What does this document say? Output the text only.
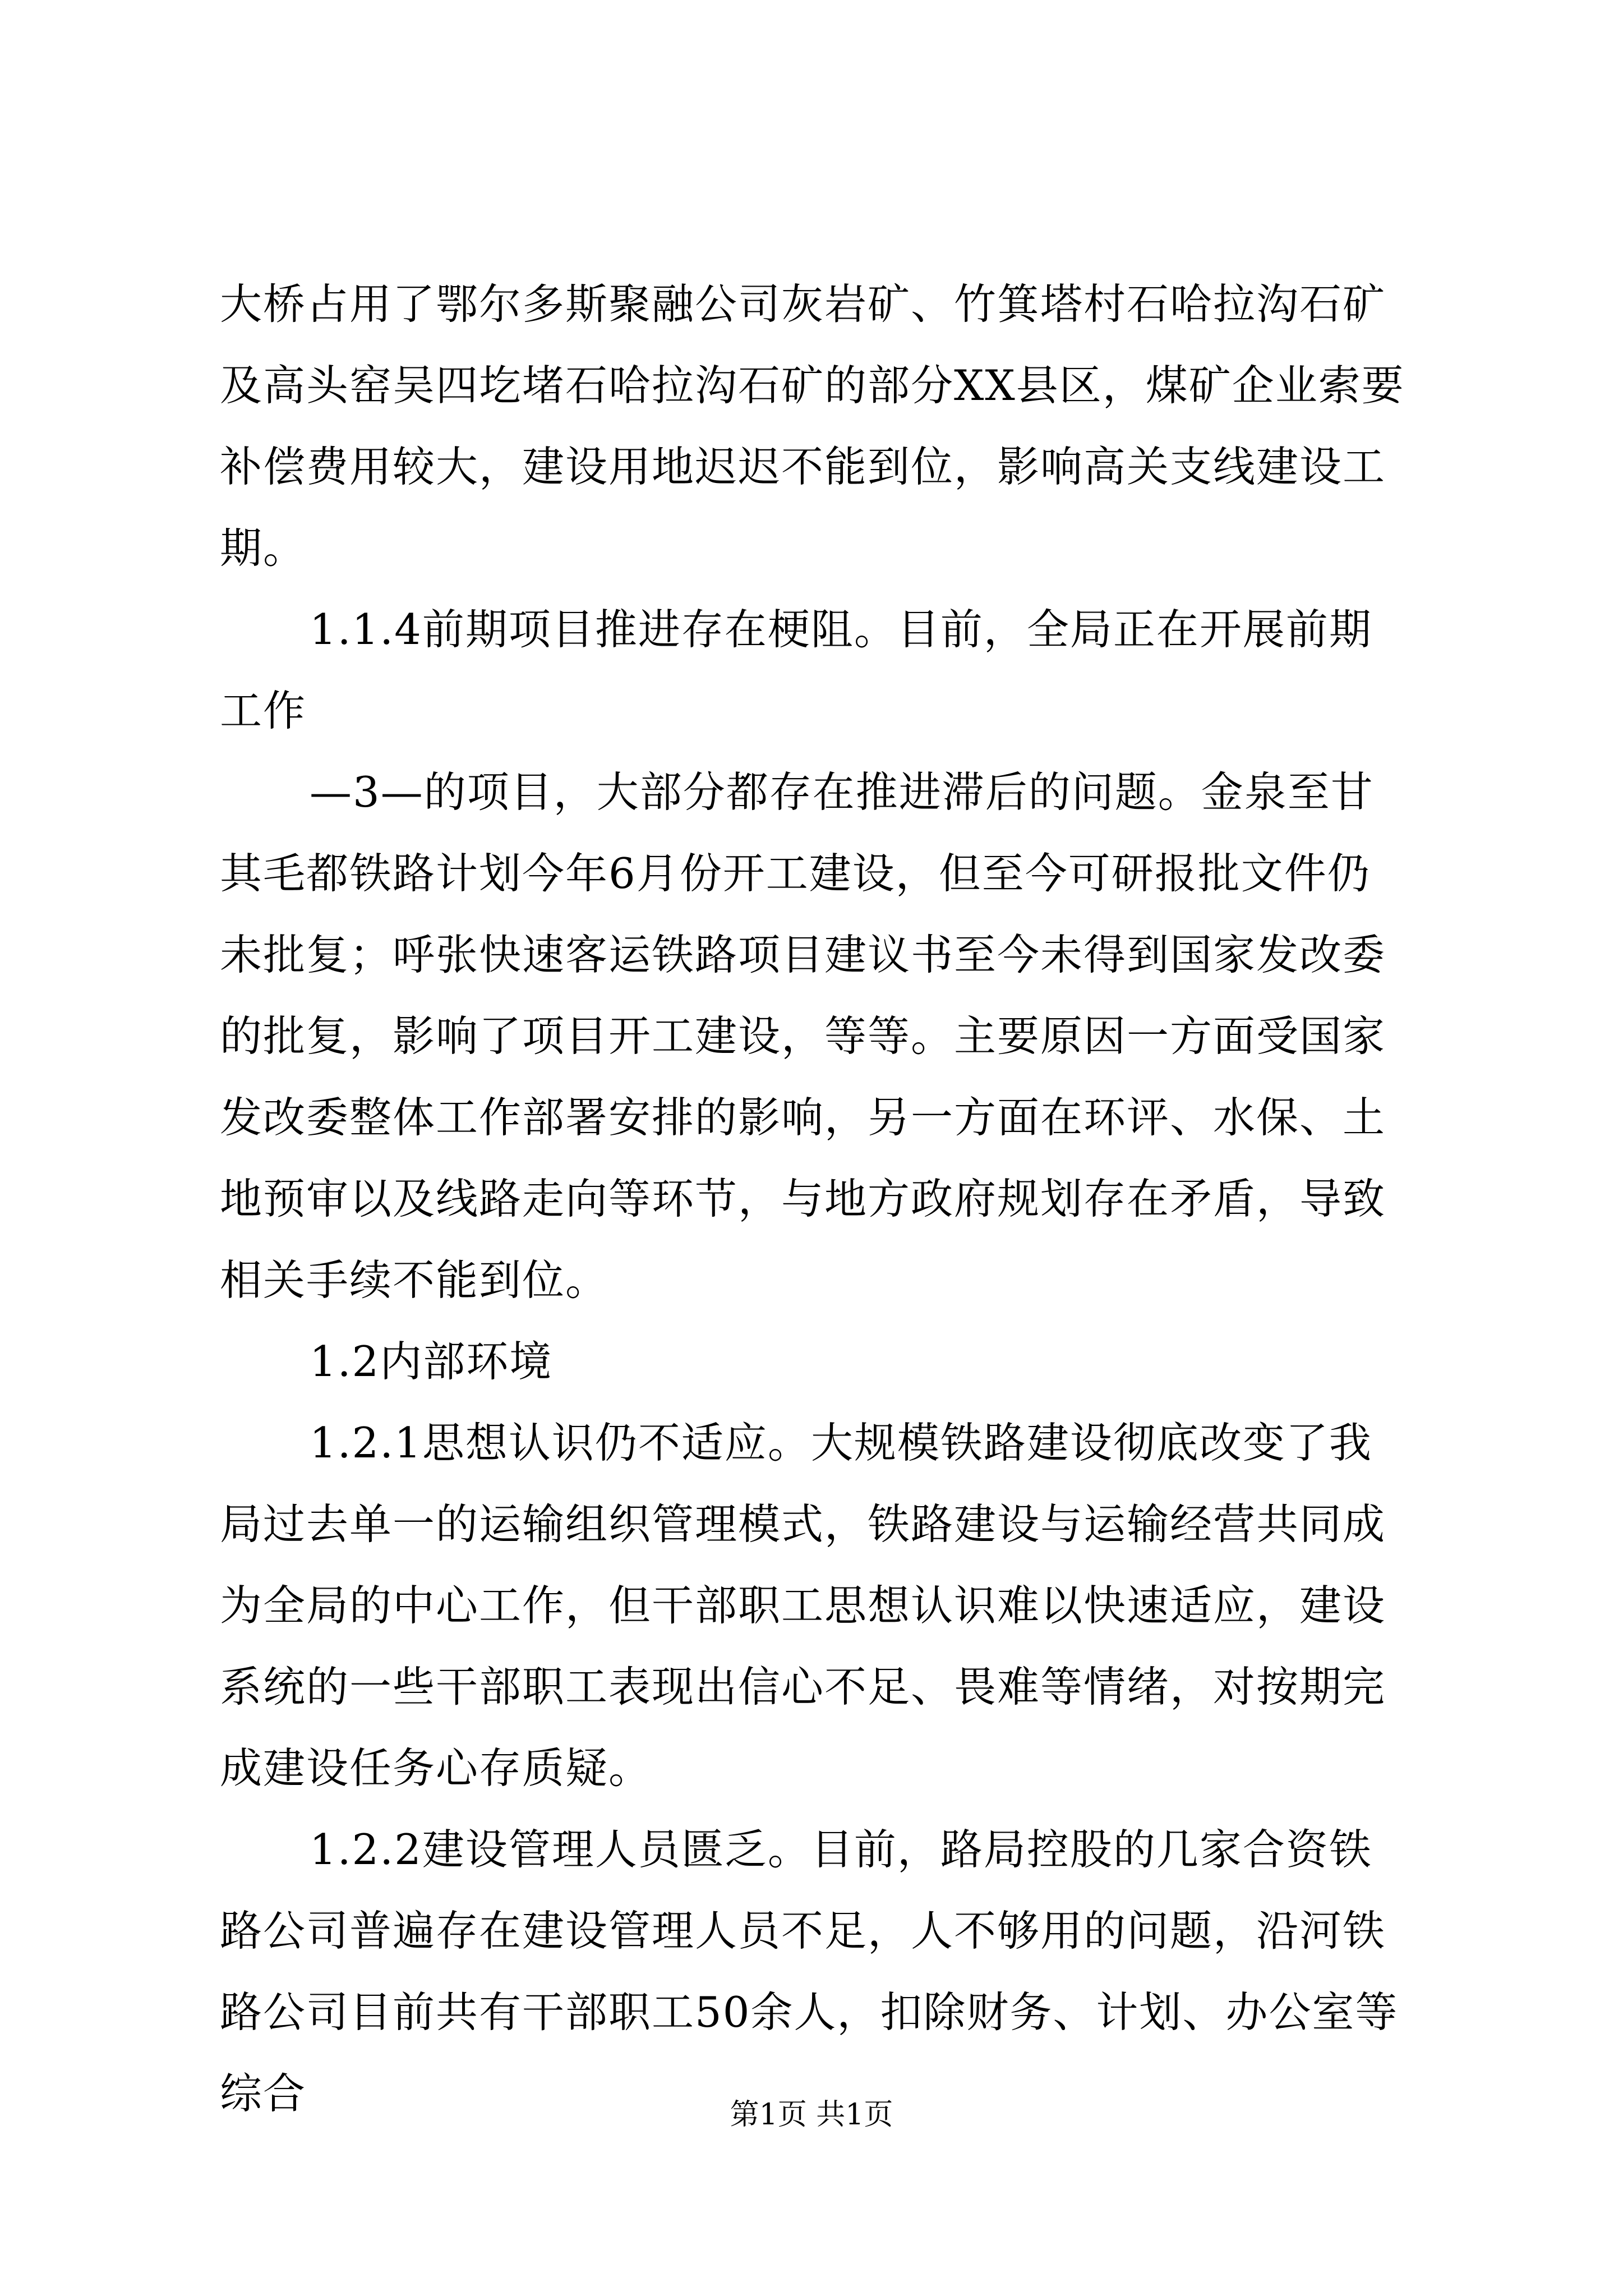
大桥占用了鄂尔多斯聚融公司灰岩矿、竹箕塔村石哈拉沟石矿及高头窑吴四圪堵石哈拉沟石矿的部分XX县区，煤矿企业索要补偿费用较大，建设用地迟迟不能到位，影响高关支线建设工期。

1.1.4前期项目推进存在梗阻。目前，全局正在开展前期工作

—3—的项目，大部分都存在推进滞后的问题。金泉至甘其毛都铁路计划今年6月份开工建设，但至今可研报批文件仍未批复；呼张快速客运铁路项目建议书至今未得到国家发改委的批复，影响了项目开工建设，等等。主要原因一方面受国家发改委整体工作部署安排的影响，另一方面在环评、水保、土地预审以及线路走向等环节，与地方政府规划存在矛盾，导致相关手续不能到位。

1.2内部环境

1.2.1思想认识仍不适应。大规模铁路建设彻底改变了我局过去单一的运输组织管理模式，铁路建设与运输经营共同成为全局的中心工作，但干部职工思想认识难以快速适应，建设系统的一些干部职工表现出信心不足、畏难等情绪，对按期完成建设任务心存质疑。

1.2.2建设管理人员匮乏。目前，路局控股的几家合资铁路公司普遍存在建设管理人员不足，人不够用的问题，沿河铁路公司目前共有干部职工50余人，扣除财务、计划、办公室等综合	第1页 共1页
